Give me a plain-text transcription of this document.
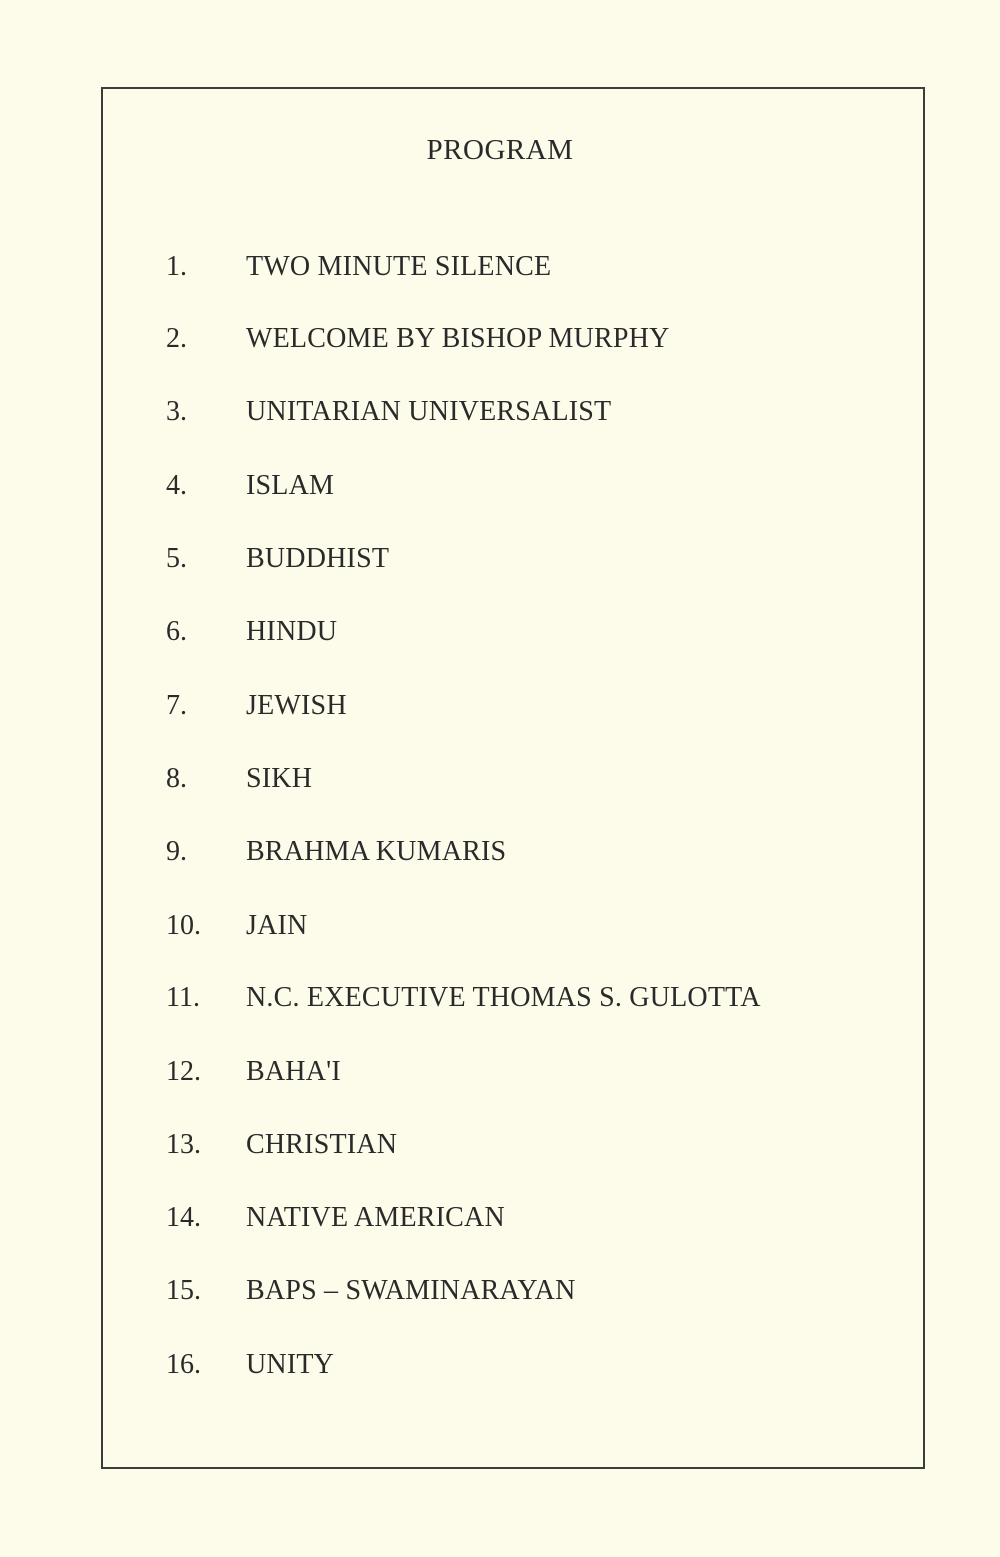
PROGRAM
1. TWO MINUTE SILENCE
2. WELCOME BY BISHOP MURPHY
3. UNITARIAN UNIVERSALIST
4. ISLAM
5. BUDDHIST
6. HINDU
7. JEWISH
8. SIKH
9. BRAHMA KUMARIS
10. JAIN
11. N.C. EXECUTIVE THOMAS S. GULOTTA
12. BAHA'I
13. CHRISTIAN
14. NATIVE AMERICAN
15. BAPS – SWAMINARAYAN
16. UNITY
